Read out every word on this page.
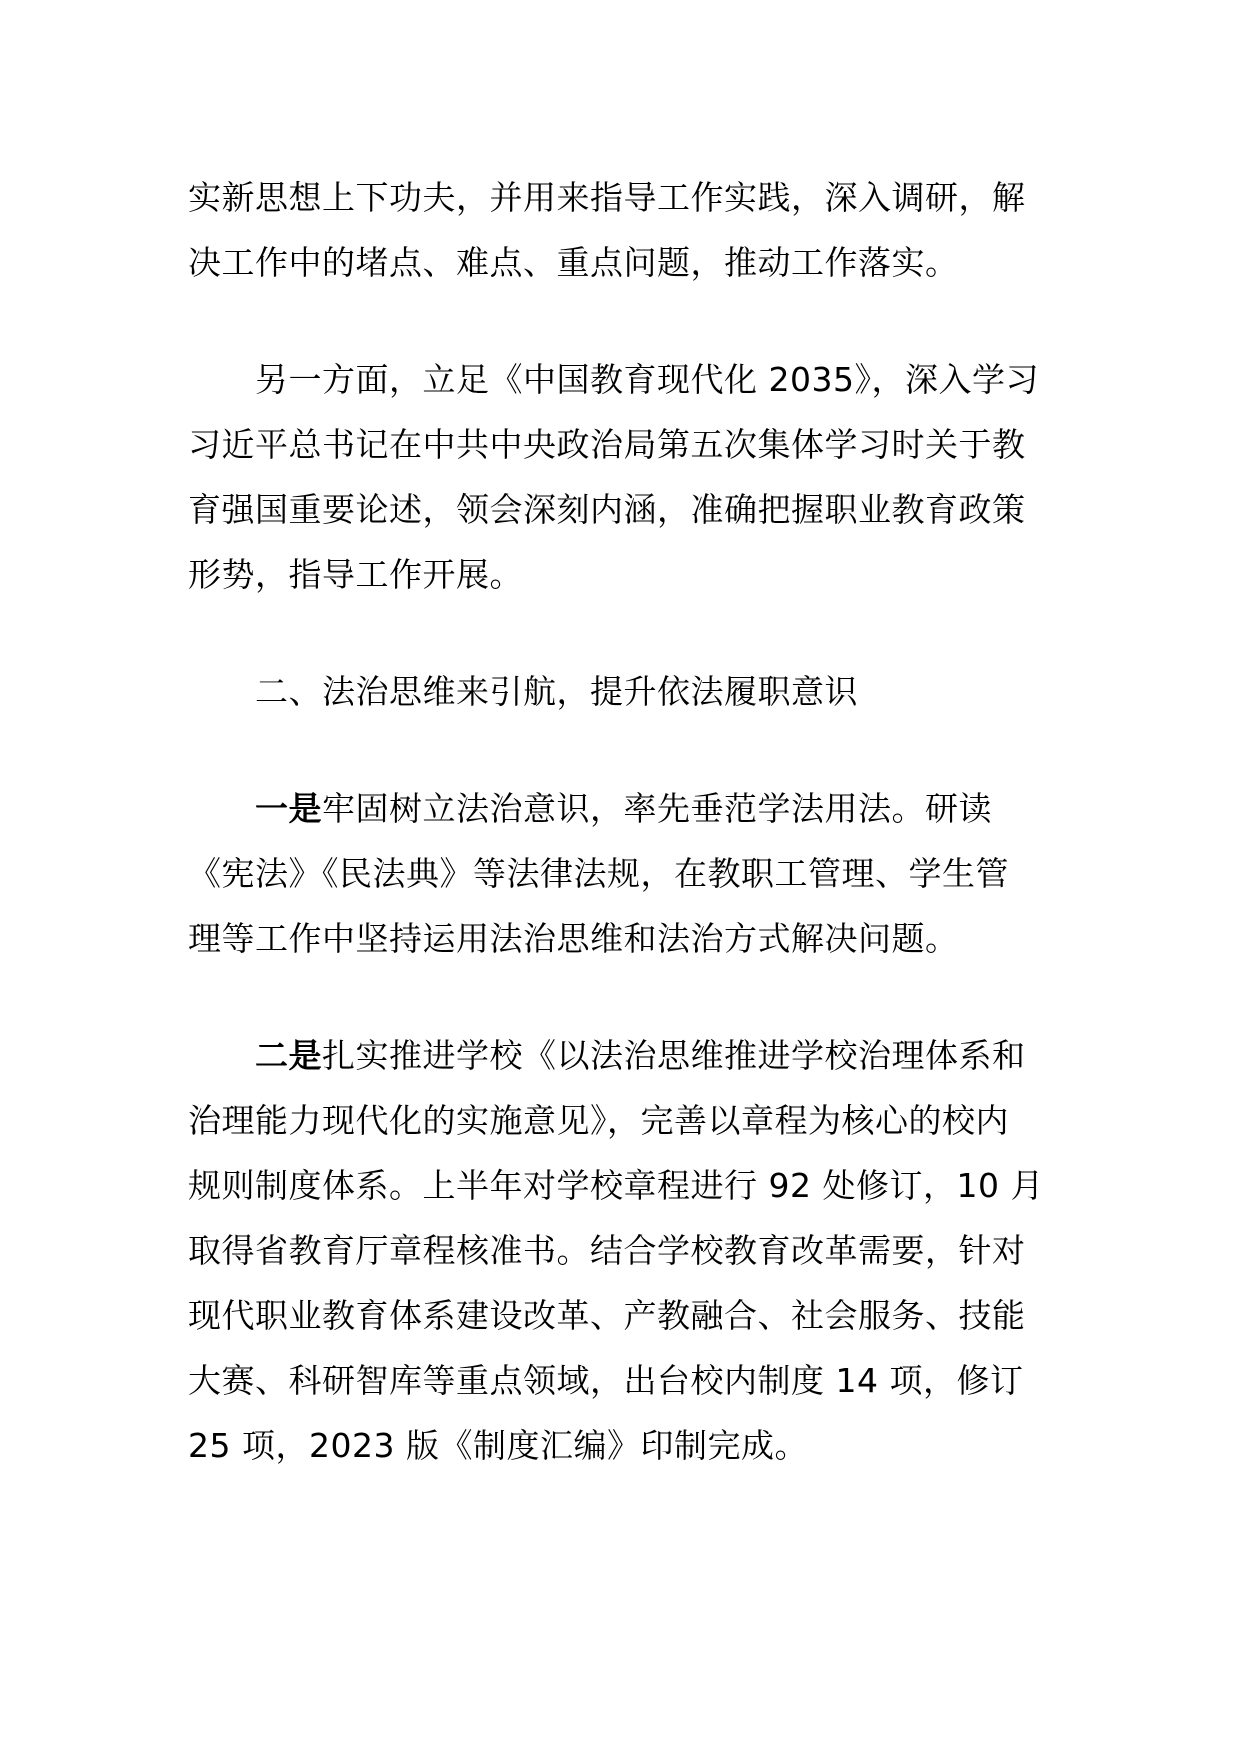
实新思想上下功夫，并用来指导工作实践，深入调研，解
决工作中的堵点、难点、重点问题，推动工作落实。

另一方面，立足《中国教育现代化 2035》，深入学习
习近平总书记在中共中央政治局第五次集体学习时关于教
育强国重要论述，领会深刻内涵，准确把握职业教育政策
形势，指导工作开展。

二、法治思维来引航，提升依法履职意识

一是牢固树立法治意识，率先垂范学法用法。研读
《宪法》《民法典》等法律法规，在教职工管理、学生管
理等工作中坚持运用法治思维和法治方式解决问题。

二是扎实推进学校《以法治思维推进学校治理体系和
治理能力现代化的实施意见》，完善以章程为核心的校内
规则制度体系。上半年对学校章程进行 92 处修订，10 月
取得省教育厅章程核准书。结合学校教育改革需要，针对
现代职业教育体系建设改革、产教融合、社会服务、技能
大赛、科研智库等重点领域，出台校内制度 14 项，修订
25 项，2023 版《制度汇编》印制完成。
